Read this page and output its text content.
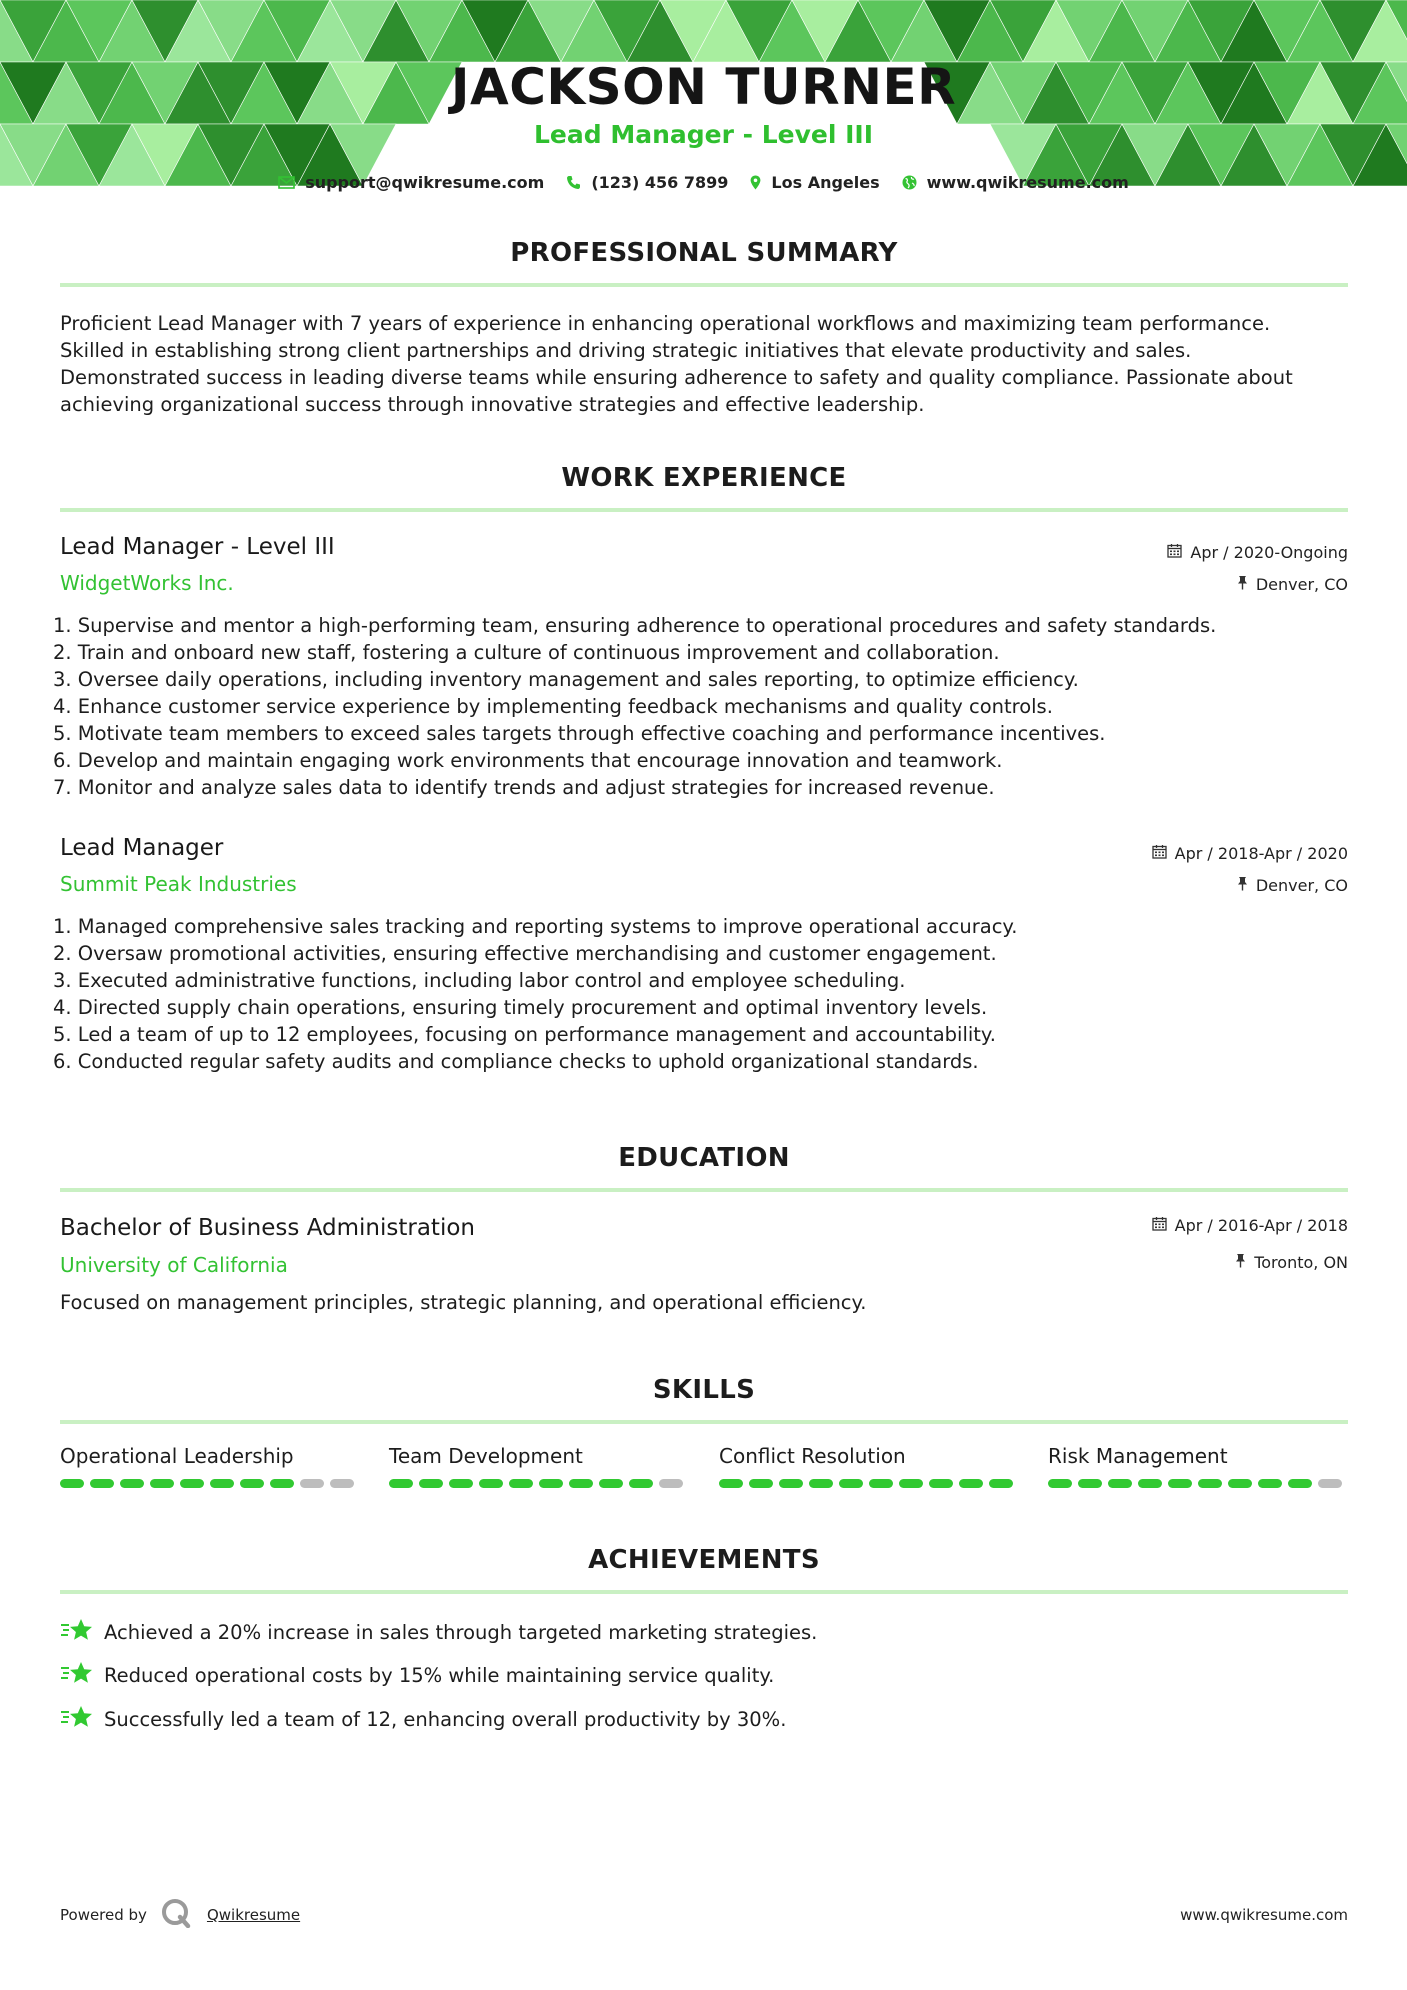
JACKSON TURNER
Lead Manager - Level III
support@qwikresume.com	(123) 456 7899	Los Angeles	www.qwikresume.com
PROFESSIONAL SUMMARY
Proficient Lead Manager with 7 years of experience in enhancing operational workflows and maximizing team performance.
Skilled in establishing strong client partnerships and driving strategic initiatives that elevate productivity and sales.
Demonstrated success in leading diverse teams while ensuring adherence to safety and quality compliance. Passionate about
achieving organizational success through innovative strategies and effective leadership.
WORK EXPERIENCE
Lead Manager - Level III	Apr / 2020-Ongoing
WidgetWorks Inc.	Denver, CO
1. Supervise and mentor a high-performing team, ensuring adherence to operational procedures and safety standards.
2. Train and onboard new staff, fostering a culture of continuous improvement and collaboration.
3. Oversee daily operations, including inventory management and sales reporting, to optimize efficiency.
4. Enhance customer service experience by implementing feedback mechanisms and quality controls.
5. Motivate team members to exceed sales targets through effective coaching and performance incentives.
6. Develop and maintain engaging work environments that encourage innovation and teamwork.
7. Monitor and analyze sales data to identify trends and adjust strategies for increased revenue.
Lead Manager	Apr / 2018-Apr / 2020
Summit Peak Industries	Denver, CO
1. Managed comprehensive sales tracking and reporting systems to improve operational accuracy.
2. Oversaw promotional activities, ensuring effective merchandising and customer engagement.
3. Executed administrative functions, including labor control and employee scheduling.
4. Directed supply chain operations, ensuring timely procurement and optimal inventory levels.
5. Led a team of up to 12 employees, focusing on performance management and accountability.
6. Conducted regular safety audits and compliance checks to uphold organizational standards.
EDUCATION
Bachelor of Business Administration	Apr / 2016-Apr / 2018
University of California	Toronto, ON
Focused on management principles, strategic planning, and operational efficiency.
SKILLS
Operational Leadership	Team Development	Conflict Resolution	Risk Management
ACHIEVEMENTS
Achieved a 20% increase in sales through targeted marketing strategies.
Reduced operational costs by 15% while maintaining service quality.
Successfully led a team of 12, enhancing overall productivity by 30%.
Powered by	Qwikresume	www.qwikresume.com
